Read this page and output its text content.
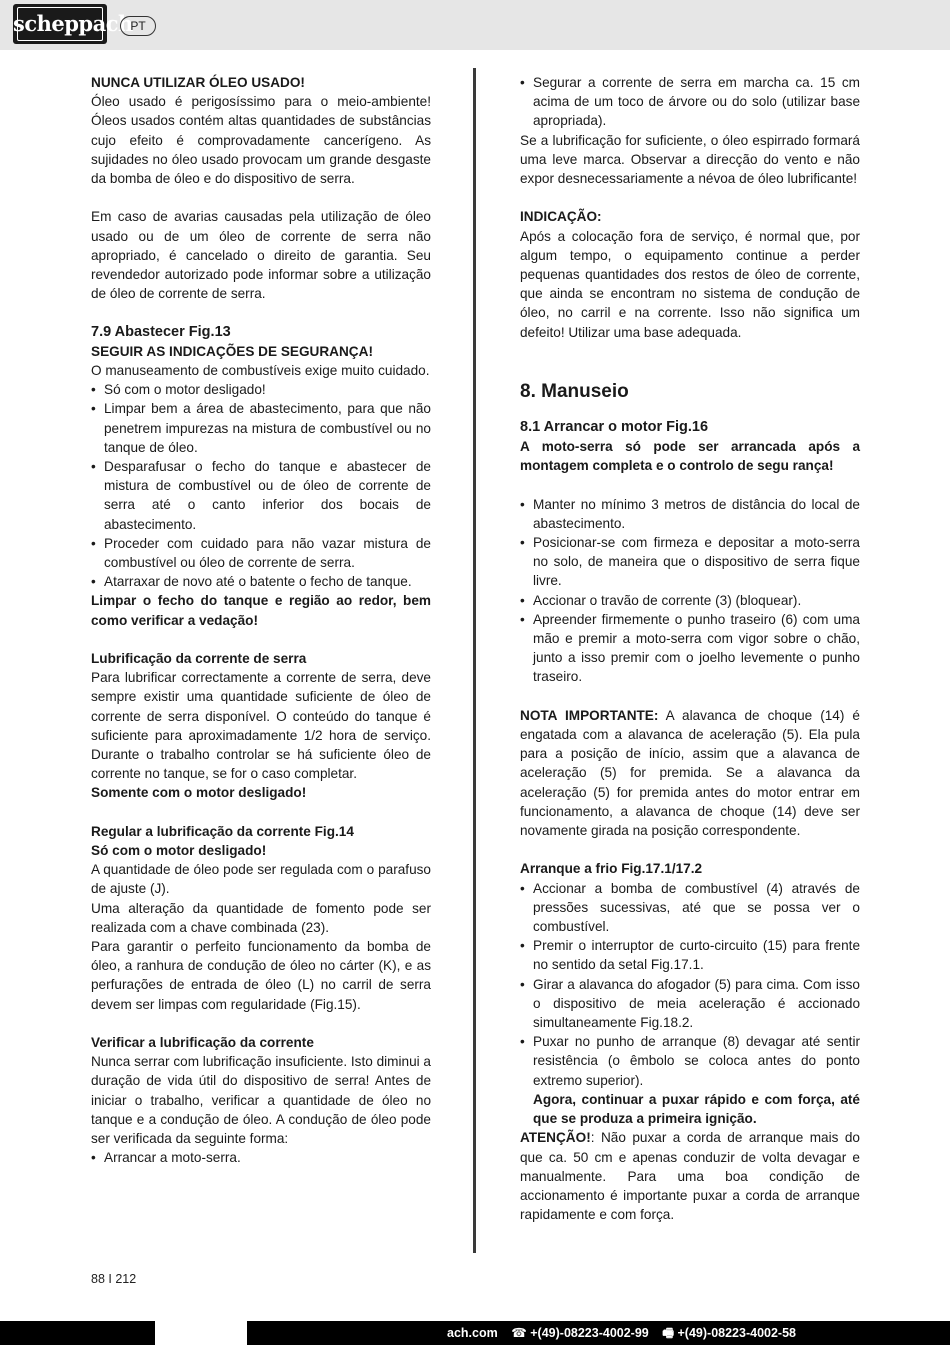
scheppach
PT

NUNCA UTILIZAR ÓLEO USADO!

Óleo usado é perigosíssimo para o meio-ambiente! Óleos usados contém altas quantidades de substâncias cujo efeito é comprovadamente cancerígeno. As sujidades no óleo usado provocam um grande desgaste da bomba de óleo e do dispositivo de serra.

Em caso de avarias causadas pela utilização de óleo usado ou de um óleo de corrente de serra não apropriado, é cancelado o direito de garantia. Seu revendedor autorizado pode informar sobre a utilização de óleo de corrente de serra.

7.9 Abastecer Fig.13

SEGUIR AS INDICAÇÕES DE SEGURANÇA!

O manuseamento de combustíveis exige muito cuidado.

• Só com o motor desligado!
• Limpar bem a área de abastecimento, para que não penetrem impurezas na mistura de combustível ou no tanque de óleo.
• Desparafusar o fecho do tanque e abastecer de mistura de combustível ou de óleo de corrente de serra até o canto inferior dos bocais de abastecimento.
• Proceder com cuidado para não vazar mistura de combustível ou óleo de corrente de serra.
• Atarraxar de novo até o batente o fecho de tanque.

Limpar o fecho do tanque e região ao redor, bem como verificar a vedação!

Lubrificação da corrente de serra

Para lubrificar correctamente a corrente de serra, deve sempre existir uma quantidade suficiente de óleo de corrente de serra disponível. O conteúdo do tanque é suficiente para aproximadamente 1/2 hora de serviço. Durante o trabalho controlar se há suficiente óleo de corrente no tanque, se for o caso completar.

Somente com o motor desligado!

Regular a lubrificação da corrente Fig.14

Só com o motor desligado!

A quantidade de óleo pode ser regulada com o parafuso de ajuste (J).

Uma alteração da quantidade de fomento pode ser realizada com a chave combinada (23).

Para garantir o perfeito funcionamento da bomba de óleo, a ranhura de condução de óleo no cárter (K), e as perfurações de entrada de óleo (L) no carril de serra devem ser limpas com regularidade (Fig.15).

Verificar a lubrificação da corrente

Nunca serrar com lubrificação insuficiente. Isto diminui a duração de vida útil do dispositivo de serra! Antes de iniciar o trabalho, verificar a quantidade de óleo no tanque e a condução de óleo. A condução de óleo pode ser verificada da seguinte forma:

• Arrancar a moto-serra.
• Segurar a corrente de serra em marcha ca. 15 cm acima de um toco de árvore ou do solo (utilizar base apropriada).

Se a lubrificação for suficiente, o óleo espirrado formará uma leve marca. Observar a direcção do vento e não expor desnecessariamente a névoa de óleo lubrificante!

INDICAÇÃO:

Após a colocação fora de serviço, é normal que, por algum tempo, o equipamento continue a perder pequenas quantidades dos restos de óleo de corrente, que ainda se encontram no sistema de condução de óleo, no carril e na corrente. Isso não significa um defeito! Utilizar uma base adequada.

8. Manuseio

8.1 Arrancar o motor Fig.16

A moto-serra só pode ser arrancada após a montagem completa e o controlo de segu rança!

• Manter no mínimo 3 metros de distância do local de abastecimento.
• Posicionar-se com firmeza e depositar a moto-serra no solo, de maneira que o dispositivo de serra fique livre.
• Accionar o travão de corrente (3) (bloquear).
• Apreender firmemente o punho traseiro (6) com uma mão e premir a moto-serra com vigor sobre o chão, junto a isso premir com o joelho levemente o punho traseiro.

NOTA IMPORTANTE: A alavanca de choque (14) é engatada com a alavanca de aceleração (5). Ela pula para a posição de início, assim que a alavanca de aceleração (5) for premida. Se a alavanca da aceleração (5) for premida antes do motor entrar em funcionamento, a alavanca de choque (14) deve ser novamente girada na posição correspondente.

Arranque a frio Fig.17.1/17.2

• Accionar a bomba de combustível (4) através de pressões sucessivas, até que se possa ver o combustível.
• Premir o interruptor de curto-circuito (15) para frente no sentido da setal Fig.17.1.
• Girar a alavanca do afogador (5) para cima. Com isso o dispositivo de meia aceleração é accionado simultaneamente Fig.18.2.
• Puxar no punho de arranque (8) devagar até sentir resistência (o êmbolo se coloca antes do ponto extremo superior).

Agora, continuar a puxar rápido e com força, até que se produza a primeira ignição.

ATENÇÃO!: Não puxar a corda de arranque mais do que ca. 50 cm e apenas conduzir de volta devagar e manualmente. Para uma boa condição de accionamento é importante puxar a corda de arranque rapidamente e com força.

88 I 212
ach.com ☎ +(49)-08223-4002-99 🖷 +(49)-08223-4002-58
